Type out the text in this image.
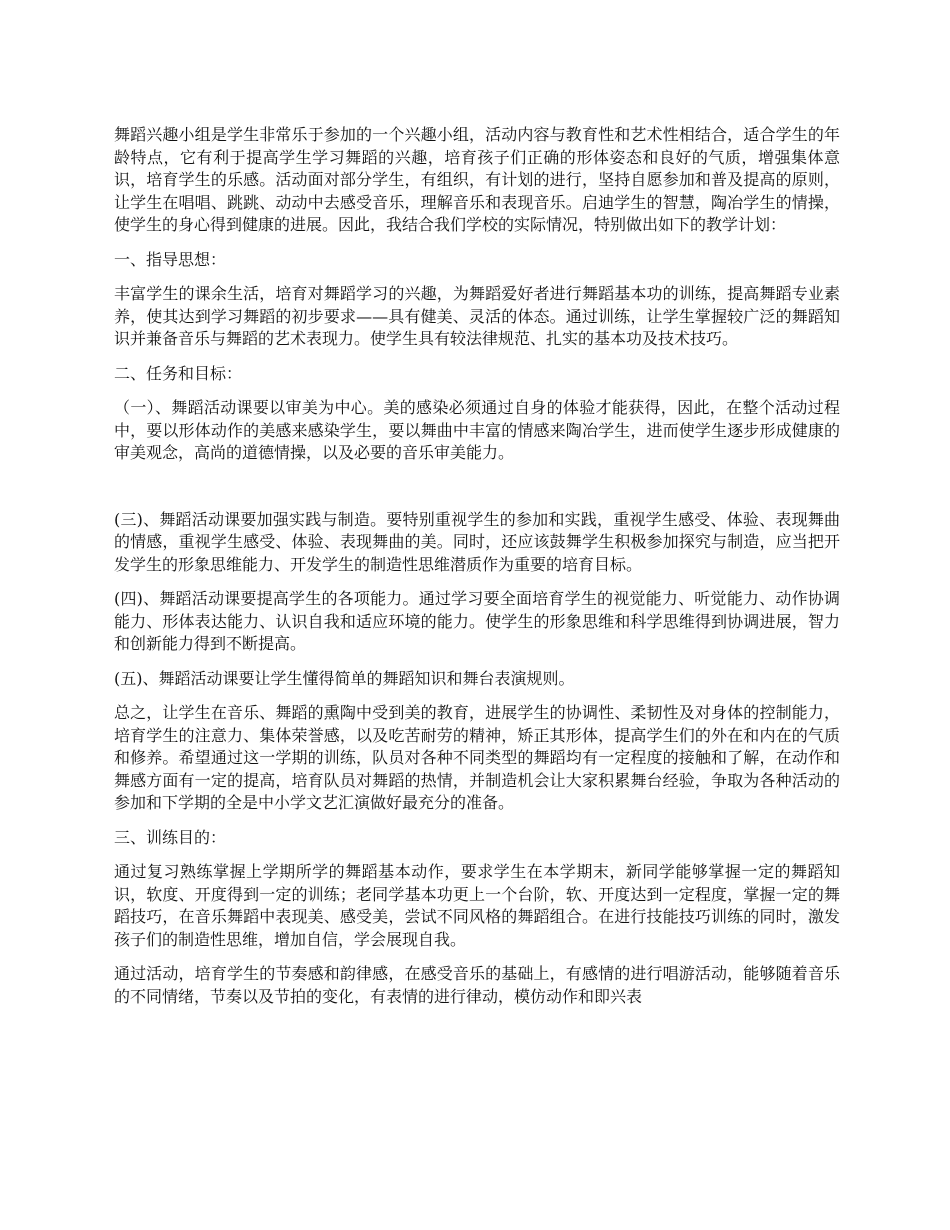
舞蹈兴趣小组是学生非常乐于参加的一个兴趣小组，活动内容与教育性和艺术性相结合，适合学生的年龄特点，它有利于提高学生学习舞蹈的兴趣，培育孩子们正确的形体姿态和良好的气质，增强集体意识，培育学生的乐感。活动面对部分学生，有组织，有计划的进行，坚持自愿参加和普及提高的原则，让学生在唱唱、跳跳、动动中去感受音乐，理解音乐和表现音乐。启迪学生的智慧，陶冶学生的情操，使学生的身心得到健康的进展。因此，我结合我们学校的实际情况，特别做出如下的教学计划：

一、指导思想：

丰富学生的课余生活，培育对舞蹈学习的兴趣，为舞蹈爱好者进行舞蹈基本功的训练，提高舞蹈专业素养，使其达到学习舞蹈的初步要求——具有健美、灵活的体态。通过训练，让学生掌握较广泛的舞蹈知识并兼备音乐与舞蹈的艺术表现力。使学生具有较法律规范、扎实的基本功及技术技巧。

二、任务和目标：

（一）、舞蹈活动课要以审美为中心。美的感染必须通过自身的体验才能获得，因此，在整个活动过程中，要以形体动作的美感来感染学生，要以舞曲中丰富的情感来陶冶学生，进而使学生逐步形成健康的审美观念，高尚的道德情操，以及必要的音乐审美能力。

(三)、舞蹈活动课要加强实践与制造。要特别重视学生的参加和实践，重视学生感受、体验、表现舞曲的情感，重视学生感受、体验、表现舞曲的美。同时，还应该鼓舞学生积极参加探究与制造，应当把开发学生的形象思维能力、开发学生的制造性思维潜质作为重要的培育目标。

(四)、舞蹈活动课要提高学生的各项能力。通过学习要全面培育学生的视觉能力、听觉能力、动作协调能力、形体表达能力、认识自我和适应环境的能力。使学生的形象思维和科学思维得到协调进展，智力和创新能力得到不断提高。

(五)、舞蹈活动课要让学生懂得简单的舞蹈知识和舞台表演规则。

总之，让学生在音乐、舞蹈的熏陶中受到美的教育，进展学生的协调性、柔韧性及对身体的控制能力，培育学生的注意力、集体荣誉感，以及吃苦耐劳的精神，矫正其形体，提高学生们的外在和内在的气质和修养。希望通过这一学期的训练，队员对各种不同类型的舞蹈均有一定程度的接触和了解，在动作和舞感方面有一定的提高，培育队员对舞蹈的热情，并制造机会让大家积累舞台经验，争取为各种活动的参加和下学期的全是中小学文艺汇演做好最充分的准备。

三、训练目的：

通过复习熟练掌握上学期所学的舞蹈基本动作，要求学生在本学期末，新同学能够掌握一定的舞蹈知识，软度、开度得到一定的训练；老同学基本功更上一个台阶，软、开度达到一定程度，掌握一定的舞蹈技巧，在音乐舞蹈中表现美、感受美，尝试不同风格的舞蹈组合。在进行技能技巧训练的同时，激发孩子们的制造性思维，增加自信，学会展现自我。

通过活动，培育学生的节奏感和韵律感，在感受音乐的基础上，有感情的进行唱游活动，能够随着音乐的不同情绪，节奏以及节拍的变化，有表情的进行律动，模仿动作和即兴表
